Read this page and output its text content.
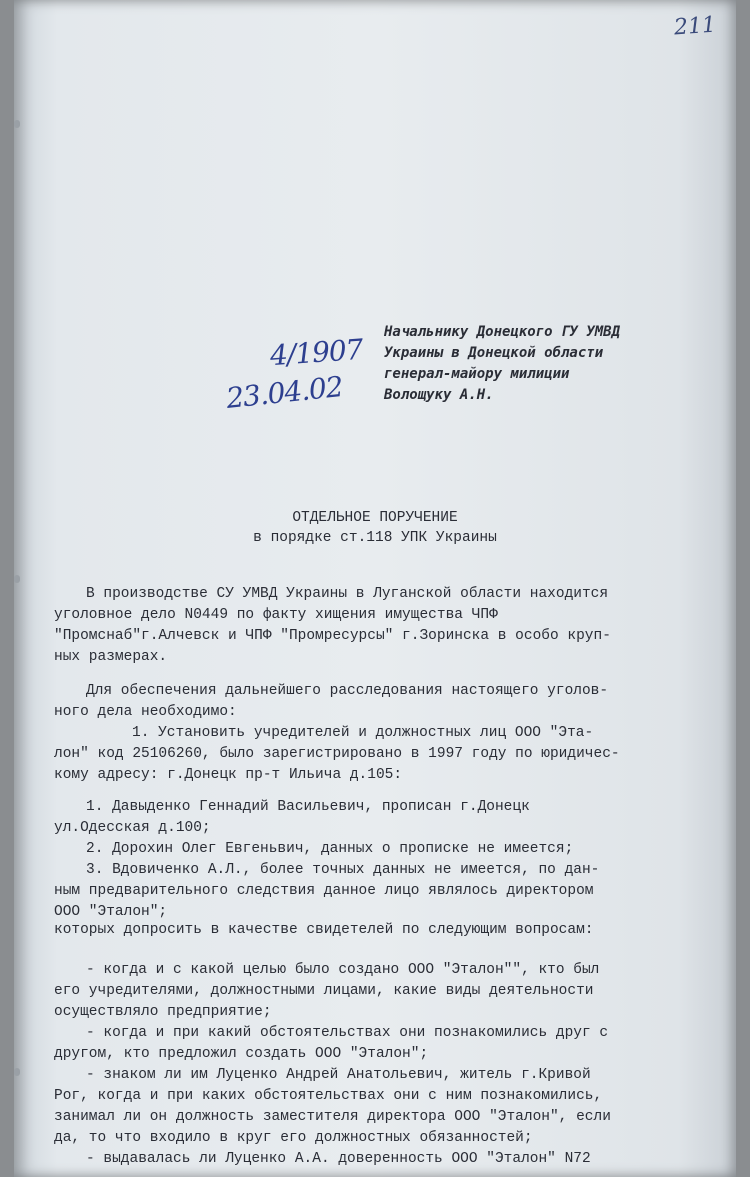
211
4/1907
23.04.02
Начальнику Донецкого ГУ УМВД
Украины в Донецкой области
генерал-майору милиции
Волощуку А.Н.
ОТДЕЛЬНОЕ ПОРУЧЕНИЕ
в порядке ст.118 УПК Украины
В производстве СУ УМВД Украины в Луганской области находится
уголовное дело N0449 по факту хищения имущества ЧПФ
"Промснаб"г.Алчевск и ЧПФ "Промресурсы" г.Зоринска в особо круп-
ных размерах.
Для обеспечения дальнейшего расследования настоящего уголов-
ного дела необходимо:
1. Установить учредителей и должностных лиц ООО "Эта-
лон" код 25106260, было зарегистрировано в 1997 году по юридичес-
кому адресу: г.Донецк пр-т Ильича д.105:
1. Давыденко Геннадий Васильевич, прописан г.Донецк
ул.Одесская д.100;
2. Дорохин Олег Евгеньвич, данных о прописке не имеется;
3. Вдовиченко А.Л., более точных данных не имеется, по дан-
ным предварительного следствия данное лицо являлось директором
ООО "Эталон";
которых допросить в качестве свидетелей по следующим вопросам:
- когда и с какой целью было создано ООО "Эталон"", кто был
его учредителями, должностными лицами, какие виды деятельности
осуществляло предприятие;
- когда и при какий обстоятельствах они познакомились друг с
другом, кто предложил создать ООО "Эталон";
- знаком ли им Луценко Андрей Анатольевич, житель г.Кривой
Рог, когда и при каких обстоятельствах они с ним познакомились,
занимал ли он должность заместителя директора ООО "Эталон", если
да, то что входило в круг его должностных обязанностей;
- выдавалась ли Луценко А.А. доверенность ООО "Эталон" N72
